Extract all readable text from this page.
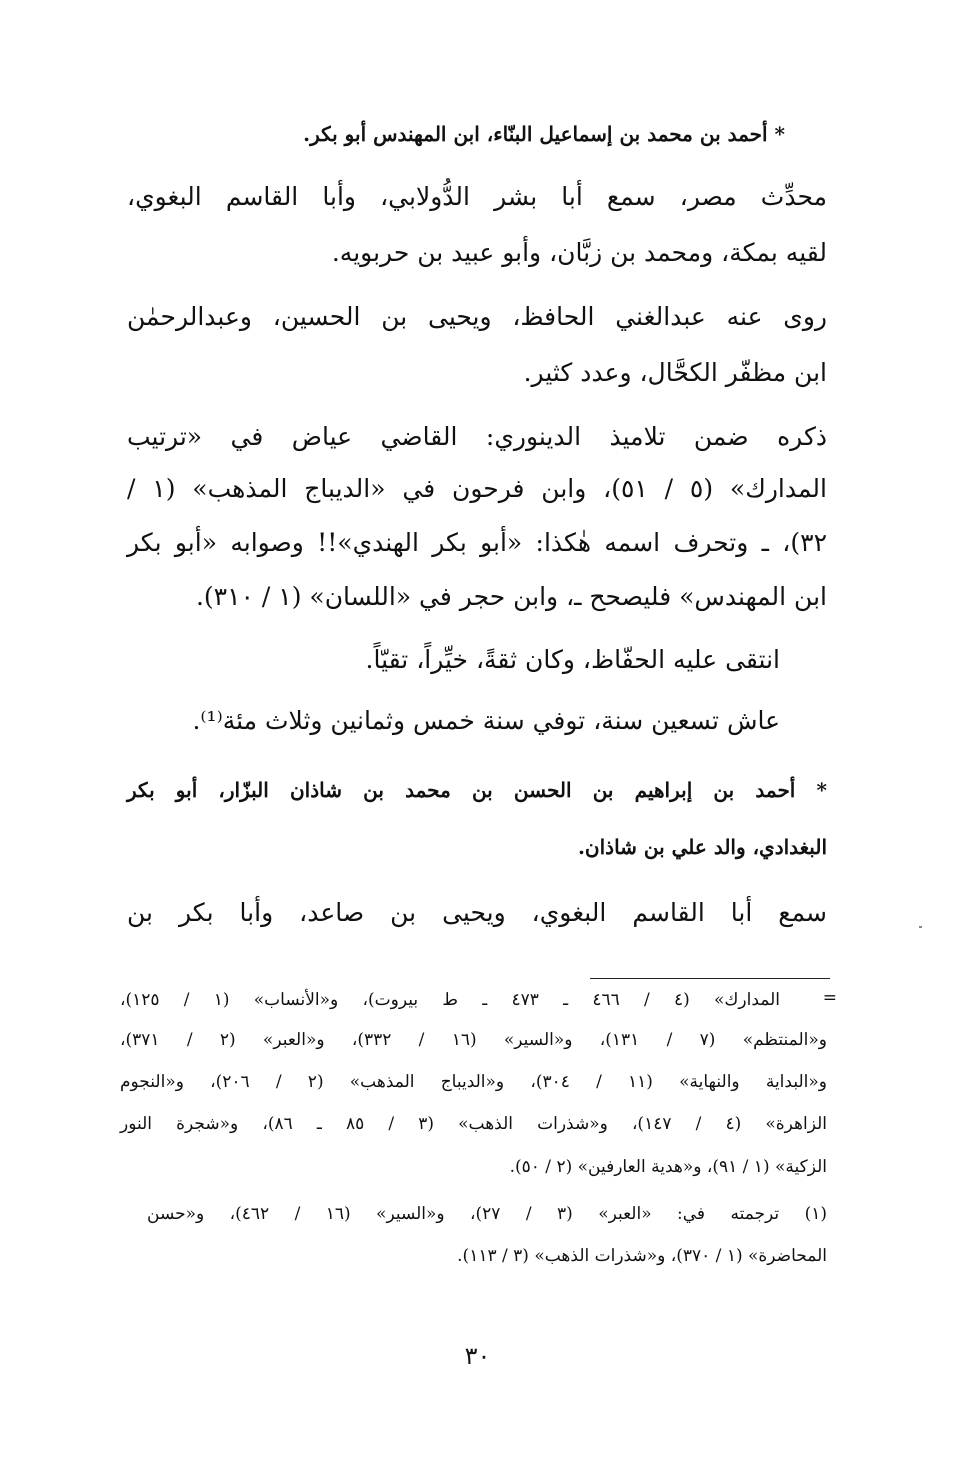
* أحمد بن محمد بن إسماعيل البنّاء، ابن المهندس أبو بكر.
محدِّث مصر، سمع أبا بشر الدُّولابي، وأبا القاسم البغوي،
لقيه بمكة، ومحمد بن زبَّان، وأبو عبيد بن حربويه.
روى عنه عبدالغني الحافظ، ويحيى بن الحسين، وعبدالرحمٰن
ابن مظفّر الكحَّال، وعدد كثير.
ذكره ضمن تلاميذ الدينوري: القاضي عياض في «ترتيب
المدارك» (٥ / ٥١)، وابن فرحون في «الديباج المذهب» (١ /
٣٢)، ـ وتحرف اسمه هٰكذا: «أبو بكر الهندي»!! وصوابه «أبو بكر
ابن المهندس» فليصحح ـ، وابن حجر في «اللسان» (١ / ٣١٠).
انتقى عليه الحفّاظ، وكان ثقةً، خيِّراً، تقيّاً.
عاش تسعين سنة، توفي سنة خمس وثمانين وثلاث مئة⁽¹⁾.
* أحمد بن إبراهيم بن الحسن بن محمد بن شاذان البزّار، أبو بكر
البغدادي، والد علي بن شاذان.
سمع أبا القاسم البغوي، ويحيى بن صاعد، وأبا بكر بن
=
المدارك» (٤ / ٤٦٦ ـ ٤٧٣ ـ ط بيروت)، و«الأنساب» (١ / ١٢٥)،
و«المنتظم» (٧ / ١٣١)، و«السير» (١٦ / ٣٣٢)، و«العبر» (٢ / ٣٧١)،
و«البداية والنهاية» (١١ / ٣٠٤)، و«الديباج المذهب» (٢ / ٢٠٦)، و«النجوم
الزاهرة» (٤ / ١٤٧)، و«شذرات الذهب» (٣ / ٨٥ ـ ٨٦)، و«شجرة النور
الزكية» (١ / ٩١)، و«هدية العارفين» (٢ / ٥٠).
(١) ترجمته في: «العبر» (٣ / ٢٧)، و«السير» (١٦ / ٤٦٢)، و«حسن
المحاضرة» (١ / ٣٧٠)، و«شذرات الذهب» (٣ / ١١٣).
٣٠
